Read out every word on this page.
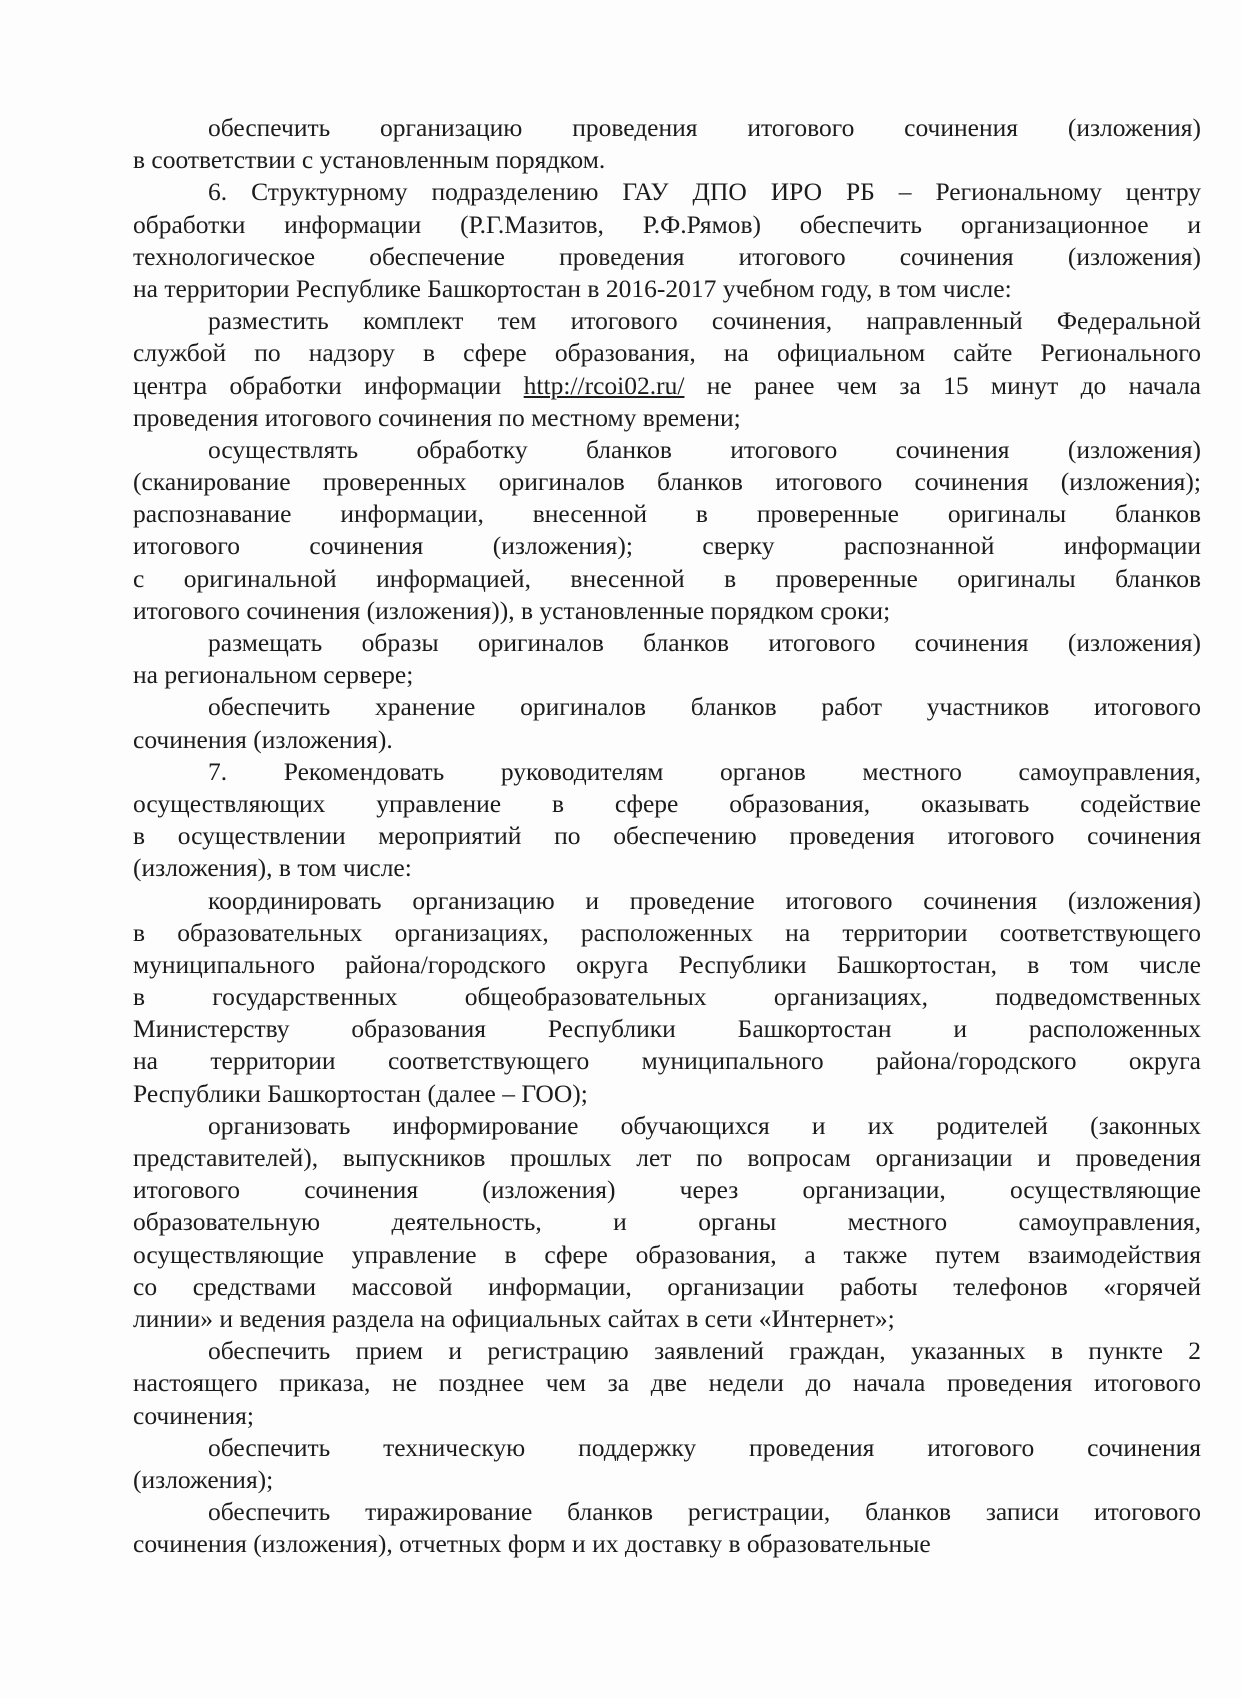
обеспечить организацию проведения итогового сочинения (изложения)
в соответствии с установленным порядком.
6. Структурному подразделению ГАУ ДПО ИРО РБ – Региональному центру
обработки информации (Р.Г.Мазитов, Р.Ф.Рямов) обеспечить организационное и
технологическое обеспечение проведения итогового сочинения (изложения)
на территории Республике Башкортостан в 2016-2017 учебном году, в том числе:
разместить комплект тем итогового сочинения, направленный Федеральной
службой по надзору в сфере образования, на официальном сайте Регионального
центра обработки информации http://rcoi02.ru/ не ранее чем за 15 минут до начала
проведения итогового сочинения по местному времени;
осуществлять обработку бланков итогового сочинения (изложения)
(сканирование проверенных оригиналов бланков итогового сочинения (изложения);
распознавание информации, внесенной в проверенные оригиналы бланков
итогового сочинения (изложения); сверку распознанной информации
с оригинальной информацией, внесенной в проверенные оригиналы бланков
итогового сочинения (изложения)), в установленные порядком сроки;
размещать образы оригиналов бланков итогового сочинения (изложения)
на региональном сервере;
обеспечить хранение оригиналов бланков работ участников итогового
сочинения (изложения).
7. Рекомендовать руководителям органов местного самоуправления,
осуществляющих управление в сфере образования, оказывать содействие
в осуществлении мероприятий по обеспечению проведения итогового сочинения
(изложения), в том числе:
координировать организацию и проведение итогового сочинения (изложения)
в образовательных организациях, расположенных на территории соответствующего
муниципального района/городского округа Республики Башкортостан, в том числе
в государственных общеобразовательных организациях, подведомственных
Министерству образования Республики Башкортостан и расположенных
на территории соответствующего муниципального района/городского округа
Республики Башкортостан (далее – ГОО);
организовать информирование обучающихся и их родителей (законных
представителей), выпускников прошлых лет по вопросам организации и проведения
итогового сочинения (изложения) через организации, осуществляющие
образовательную деятельность, и органы местного самоуправления,
осуществляющие управление в сфере образования, а также путем взаимодействия
со средствами массовой информации, организации работы телефонов «горячей
линии» и ведения раздела на официальных сайтах в сети «Интернет»;
обеспечить прием и регистрацию заявлений граждан, указанных в пункте 2
настоящего приказа, не позднее чем за две недели до начала проведения итогового
сочинения;
обеспечить техническую поддержку проведения итогового сочинения
(изложения);
обеспечить тиражирование бланков регистрации, бланков записи итогового
сочинения (изложения), отчетных форм и их доставку в образовательные
